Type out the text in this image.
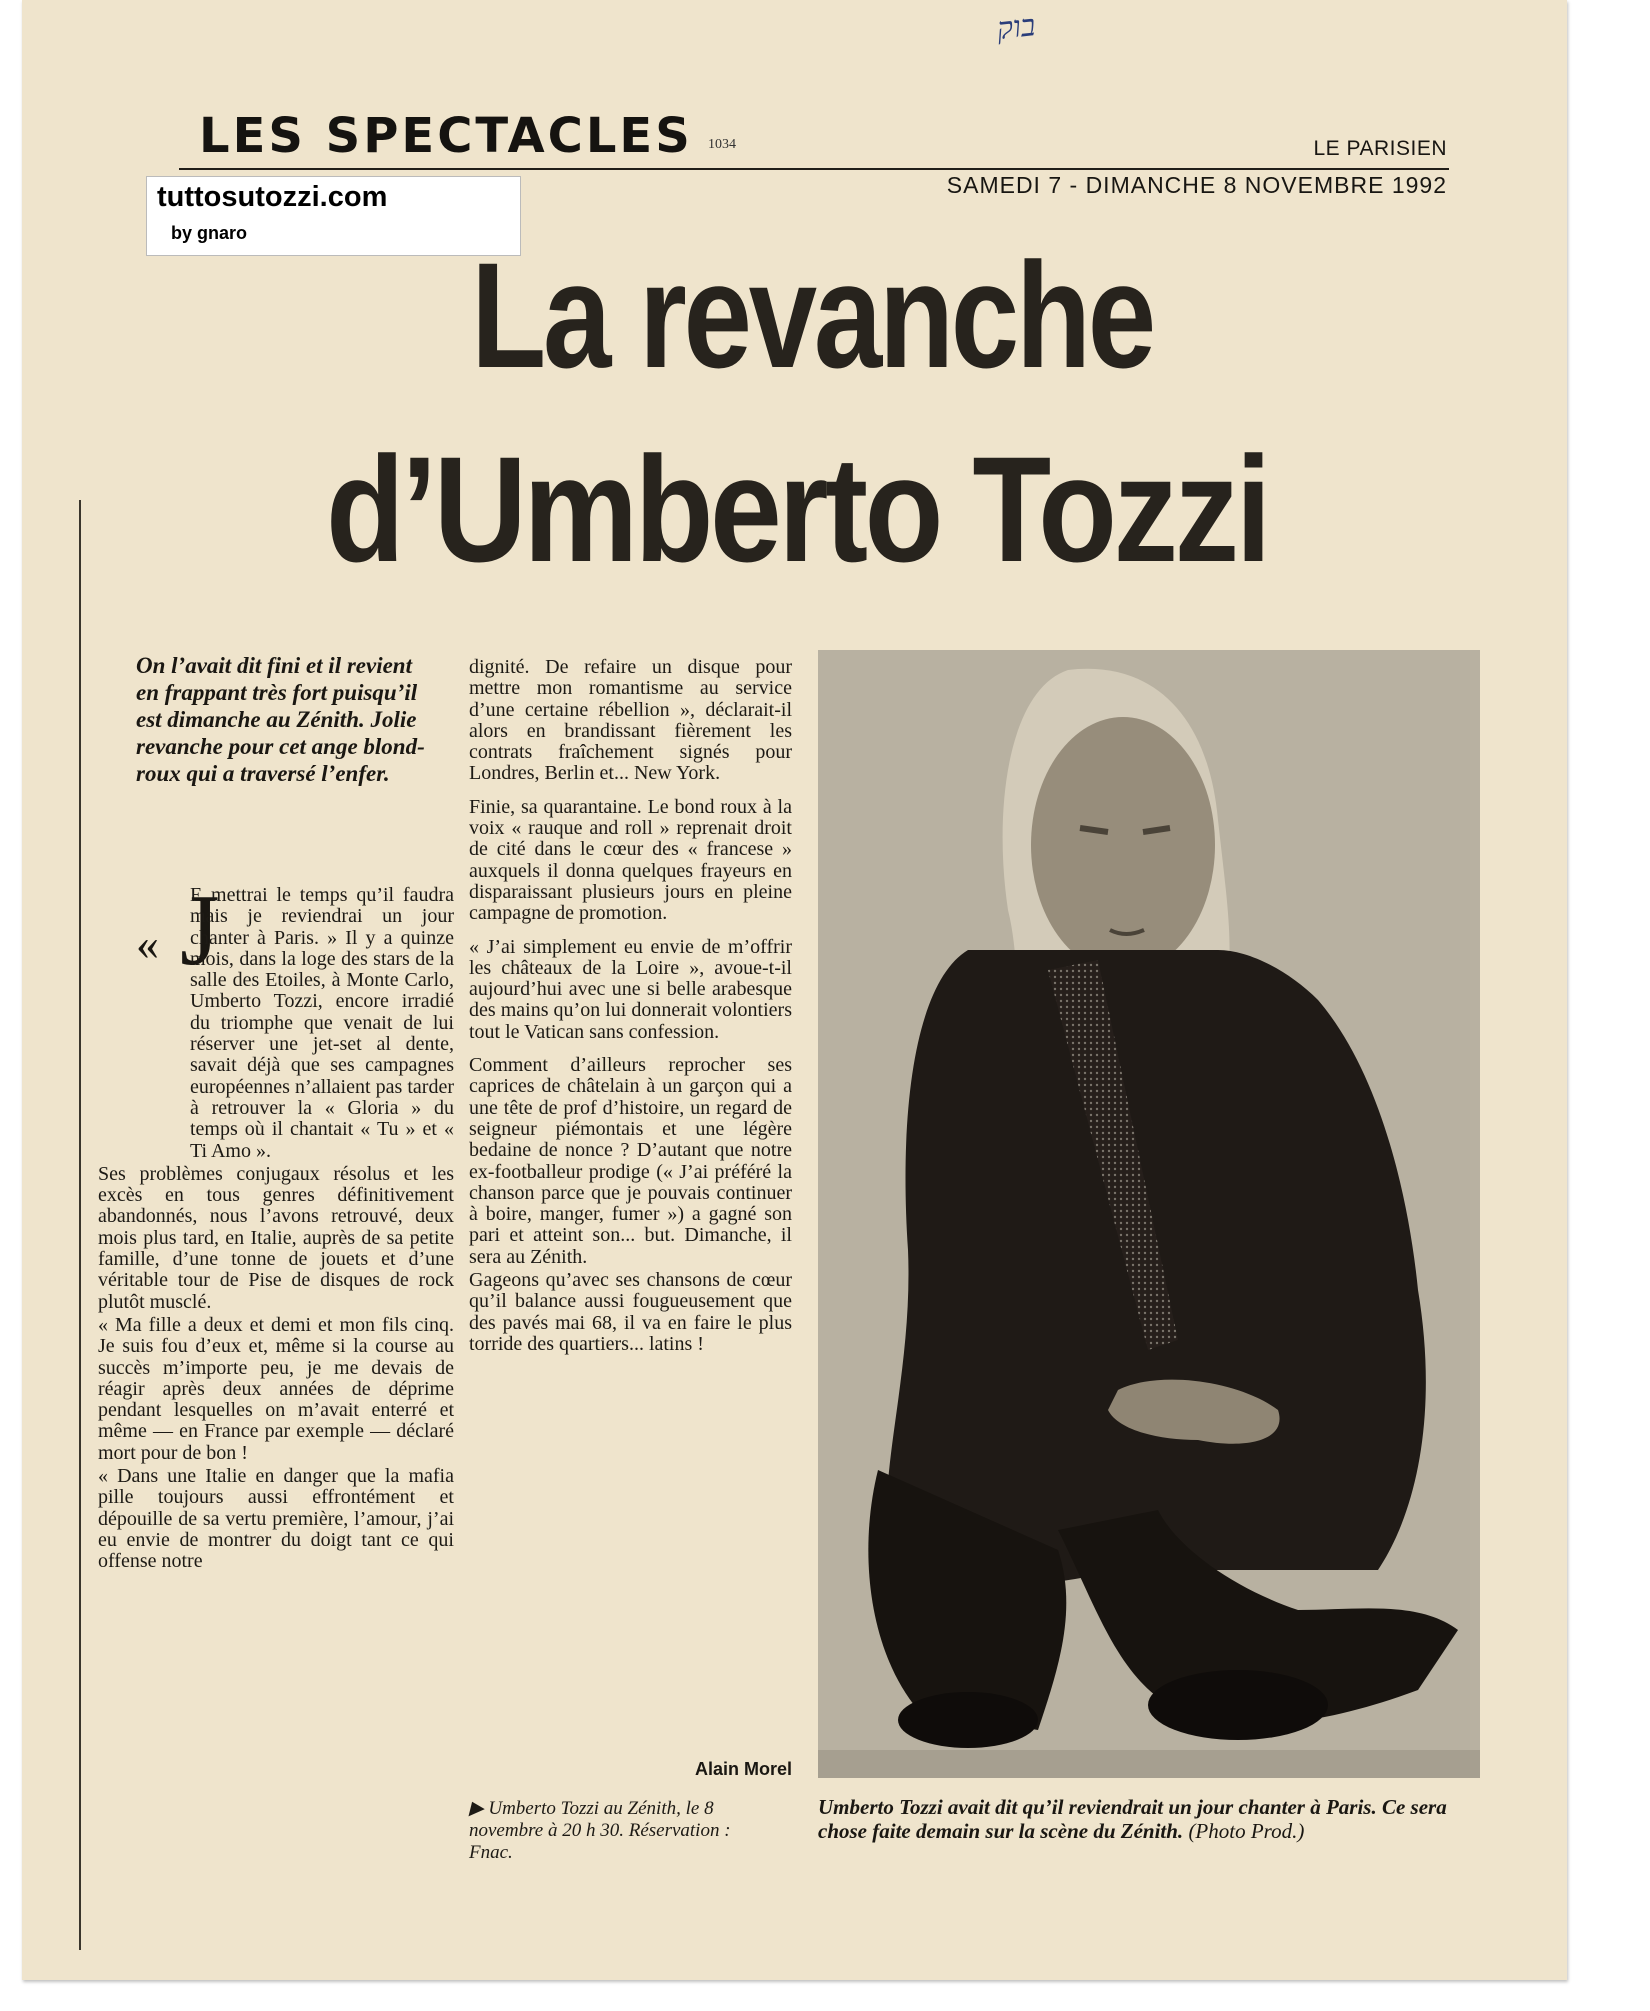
בוק
LES SPECTACLES 1034	LE PARISIEN
SAMEDI 7 - DIMANCHE 8 NOVEMBRE 1992
tuttosutozzi.com
by gnaro	La revanche
d’Umberto Tozzi
On l’avait dit fini et il revient en frappant très fort puisqu’il est dimanche au Zénith. Jolie revanche pour cet ange blond-roux qui a traversé l’enfer.
« J

E mettrai le temps qu’il faudra mais je reviendrai un jour chanter à Paris. » Il y a quinze mois, dans la loge des stars de la salle des Etoiles, à Monte Carlo, Umberto Tozzi, encore irradié du triomphe que venait de lui réserver une jet-set al dente, savait déjà que ses campagnes européennes n’allaient pas tarder à retrouver la « Gloria » du temps où il chantait « Tu » et « Ti Amo ».

Ses problèmes conjugaux résolus et les excès en tous genres définitivement abandonnés, nous l’avons retrouvé, deux mois plus tard, en Italie, auprès de sa petite famille, d’une tonne de jouets et d’une véritable tour de Pise de disques de rock plutôt musclé.

« Ma fille a deux et demi et mon fils cinq. Je suis fou d’eux et, même si la course au succès m’importe peu, je me devais de réagir après deux années de déprime pendant lesquelles on m’avait enterré et même — en France par exemple — déclaré mort pour de bon !

« Dans une Italie en danger que la mafia pille toujours aussi effrontément et dépouille de sa vertu première, l’amour, j’ai eu envie de montrer du doigt tant ce qui offense notre

dignité. De refaire un disque pour mettre mon romantisme au service d’une certaine rébellion », déclarait-il alors en brandissant fièrement les contrats fraîchement signés pour Londres, Berlin et... New York.

Finie, sa quarantaine. Le bond roux à la voix « rauque and roll » reprenait droit de cité dans le cœur des « francese » auxquels il donna quelques frayeurs en disparaissant plusieurs jours en pleine campagne de promotion.

« J’ai simplement eu envie de m’offrir les châteaux de la Loire », avoue-t-il aujourd’hui avec une si belle arabesque des mains qu’on lui donnerait volontiers tout le Vatican sans confession.

Comment d’ailleurs reprocher ses caprices de châtelain à un garçon qui a une tête de prof d’histoire, un regard de seigneur piémontais et une légère bedaine de nonce ? D’autant que notre ex-footballeur prodige (« J’ai préféré la chanson parce que je pouvais continuer à boire, manger, fumer ») a gagné son pari et atteint son... but. Dimanche, il sera au Zénith.

Gageons qu’avec ses chansons de cœur qu’il balance aussi fougueusement que des pavés mai 68, il va en faire le plus torride des quartiers... latins !

Alain Morel
▶ Umberto Tozzi au Zénith, le 8 novembre à 20 h 30. Réservation : Fnac.
Umberto Tozzi avait dit qu’il reviendrait un jour chanter à Paris. Ce sera chose faite demain sur la scène du Zénith. (Photo Prod.)
